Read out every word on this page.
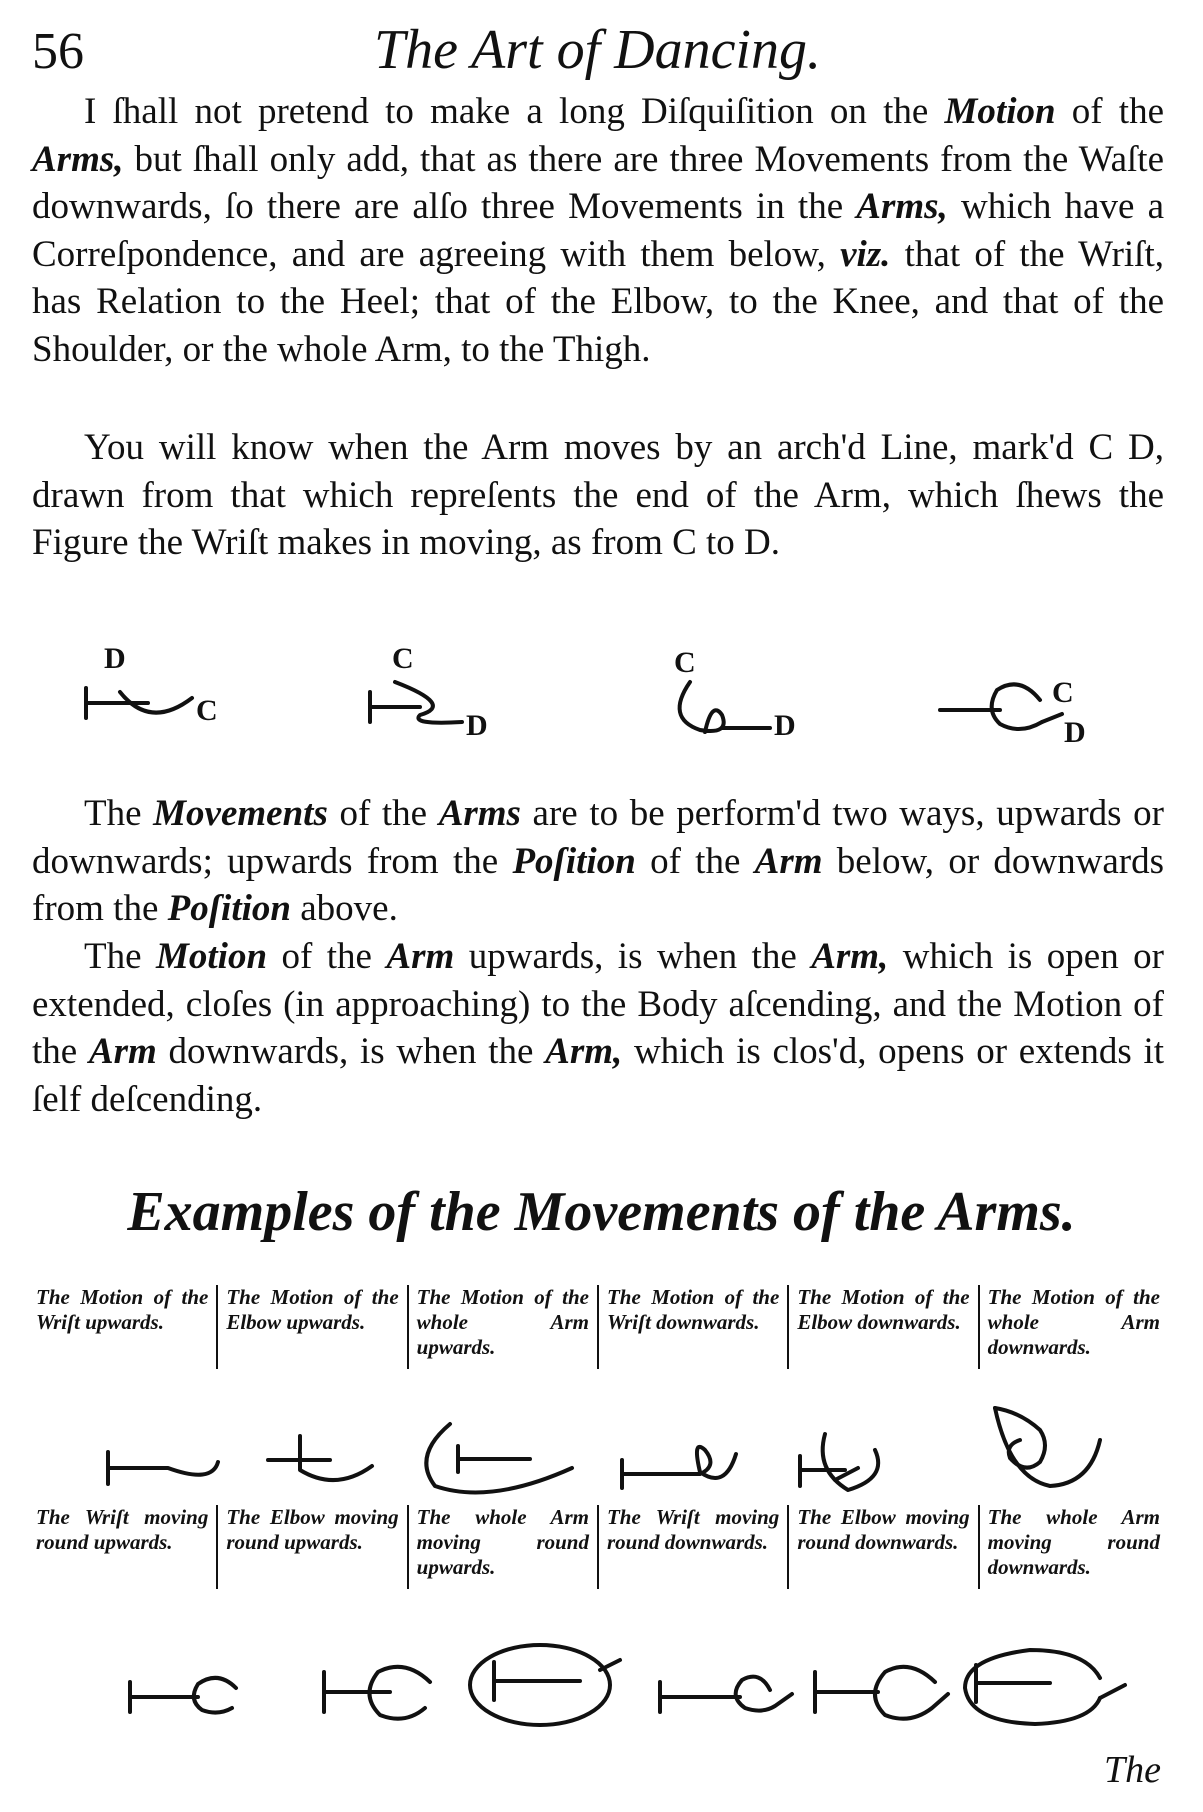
56	The Art of Dancing.

I ſhall not pretend to make a long Diſquiſition on the Motion of the Arms, but ſhall only add, that as there are three Movements from the Waſte downwards, ſo there are alſo three Movements in the Arms, which have a Correſpondence, and are agreeing with them below, viz. that of the Wriſt, has Relation to the Heel; that of the Elbow, to the Knee, and that of the Shoulder, or the whole Arm, to the Thigh.

You will know when the Arm moves by an arch'd Line, mark'd C D, drawn from that which repreſents the end of the Arm, which ſhews the Figure the Wriſt makes in moving, as from C to D.

The Movements of the Arms are to be perform'd two ways, upwards or downwards; upwards from the Poſition of the Arm below, or downwards from the Poſition above.

The Motion of the Arm upwards, is when the Arm, which is open or extended, cloſes (in approaching) to the Body aſcending, and the Motion of the Arm downwards, is when the Arm, which is clos'd, opens or extends it ſelf deſcending.

Examples of the Movements of the Arms.
The Motion of the Wriſt upwards.
The Motion of the Elbow upwards.
The Motion of the whole Arm upwards.
The Motion of the Wriſt downwards.
The Motion of the Elbow downwards.
The Motion of the whole Arm downwards.
The Wriſt moving round upwards.
The Elbow moving round upwards.
The whole Arm moving round upwards.
The Wriſt moving round downwards.
The Elbow moving round downwards.
The whole Arm moving round downwards.
D
C
C
D
C
D
C
D
The
